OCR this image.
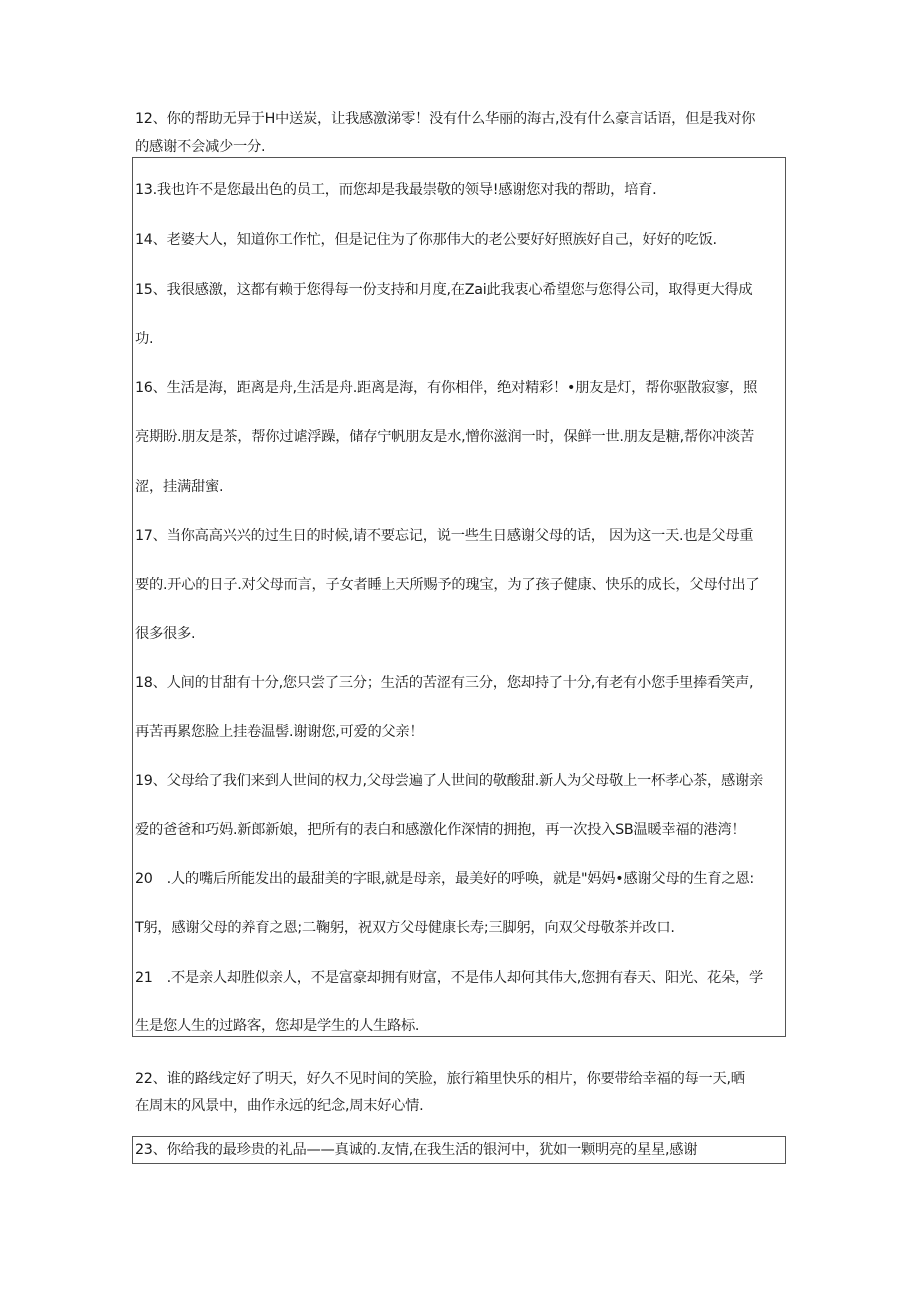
12、你的帮助无异于H中送炭，让我感激涕零！没有什么华丽的海古,没有什么豪言话语，但是我对你
的感谢不会减少一分.
13.我也许不是您最出色的员工，而您却是我最崇敬的领导!感谢您对我的帮助，培育.
14、老婆大人，知道你工作忙，但是记住为了你那伟大的老公要好好照族好自己，好好的吃饭.
15、我很感激，这都有赖于您得每一份支持和月度,在Zai此我衷心希望您与您得公司，取得更大得成
功.
16、生活是海，距离是舟,生活是舟.距离是海，有你相伴，绝对精彩！•朋友是灯，帮你驱散寂寥，照
亮期盼.朋友是茶，帮你过谑浮躁，储存宁帆朋友是水,憎你滋润一时，保鲜一世.朋友是糖,帮你冲淡苦
涩，挂满甜蜜.
17、当你高高兴兴的过生日的时候,请不要忘记，说一些生日感谢父母的话， 因为这一天.也是父母重
要的.开心的日子.对父母而言，子女者睡上天所赐予的瑰宝，为了孩子健康、快乐的成长，父母付出了
很多很多.
18、人间的甘甜有十分,您只尝了三分；生活的苦涩有三分，您却持了十分,有老有小您手里捧看笑声,
再苦再累您脸上挂卷温髻.谢谢您,可爱的父亲！
19、父母给了我们来到人世间的权力,父母尝遍了人世间的敬酸甜.新人为父母敬上一杯孝心茶，感谢亲
爱的爸爸和巧妈.新郎新娘，把所有的表白和感激化作深情的拥抱，再一次投入SB温暖幸福的港湾！
20　.人的嘴后所能发出的最甜美的字眼,就是母亲，最美好的呼唤，就是"妈妈•感谢父母的生育之恩:
T躬，感谢父母的养育之恩;二鞠躬，祝双方父母健康长寿;三脚躬，向双父母敬茶并改口.
21　.不是亲人却胜似亲人，不是富豪却拥有财富，不是伟人却何其伟大,您拥有春天、阳光、花朵，学
生是您人生的过路客，您却是学生的人生路标.
22、谁的路线定好了明天，好久不见时间的笑脸，旅行箱里快乐的相片，你要带给幸福的每一天,晒
在周末的风景中，曲作永远的纪念,周末好心情.
23、你给我的最珍贵的礼品——真诚的.友情,在我生活的银河中，犹如一颗明亮的星星,感谢
